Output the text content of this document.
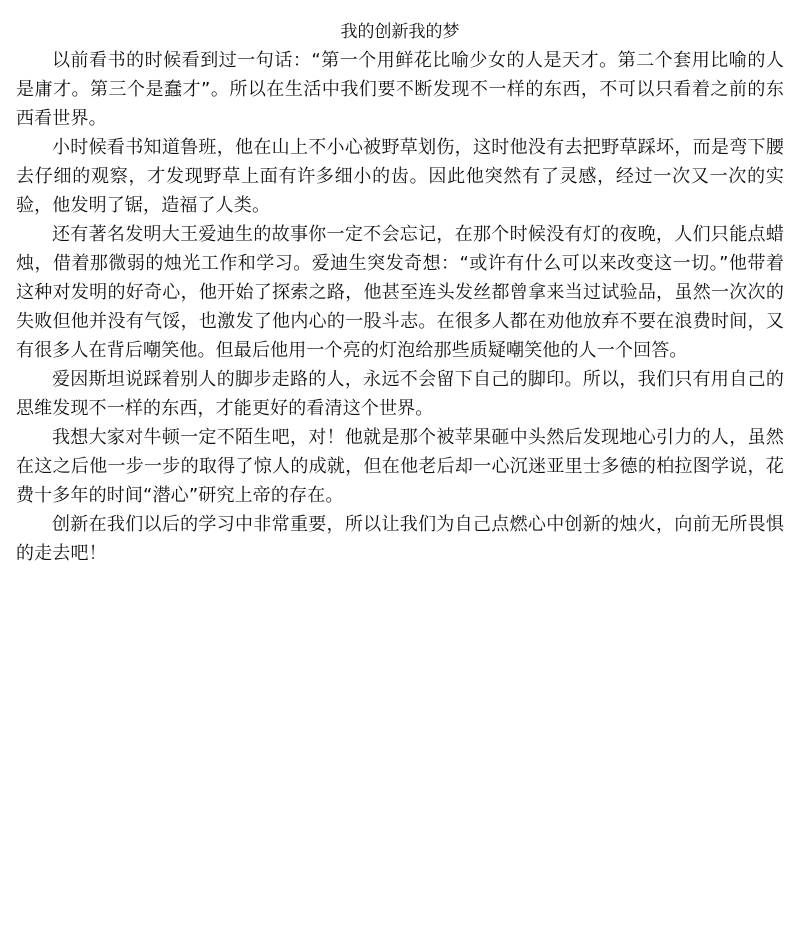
我的创新我的梦

以前看书的时候看到过一句话：“第一个用鲜花比喻少女的人是天才。第二个套用比喻的人是庸才。第三个是蠢才”。所以在生活中我们要不断发现不一样的东西，不可以只看着之前的东西看世界。

小时候看书知道鲁班，他在山上不小心被野草划伤，这时他没有去把野草踩坏，而是弯下腰去仔细的观察，才发现野草上面有许多细小的齿。因此他突然有了灵感，经过一次又一次的实验，他发明了锯，造福了人类。

还有著名发明大王爱迪生的故事你一定不会忘记，在那个时候没有灯的夜晚，人们只能点蜡烛，借着那微弱的烛光工作和学习。爱迪生突发奇想：“或许有什么可以来改变这一切。”他带着这种对发明的好奇心，他开始了探索之路，他甚至连头发丝都曾拿来当过试验品，虽然一次次的失败但他并没有气馁，也激发了他内心的一股斗志。在很多人都在劝他放弃不要在浪费时间，又有很多人在背后嘲笑他。但最后他用一个亮的灯泡给那些质疑嘲笑他的人一个回答。

爱因斯坦说踩着别人的脚步走路的人，永远不会留下自己的脚印。所以，我们只有用自己的思维发现不一样的东西，才能更好的看清这个世界。

我想大家对牛顿一定不陌生吧，对！他就是那个被苹果砸中头然后发现地心引力的人，虽然在这之后他一步一步的取得了惊人的成就，但在他老后却一心沉迷亚里士多德的柏拉图学说，花费十多年的时间“潜心”研究上帝的存在。

创新在我们以后的学习中非常重要，所以让我们为自己点燃心中创新的烛火，向前无所畏惧的走去吧！
